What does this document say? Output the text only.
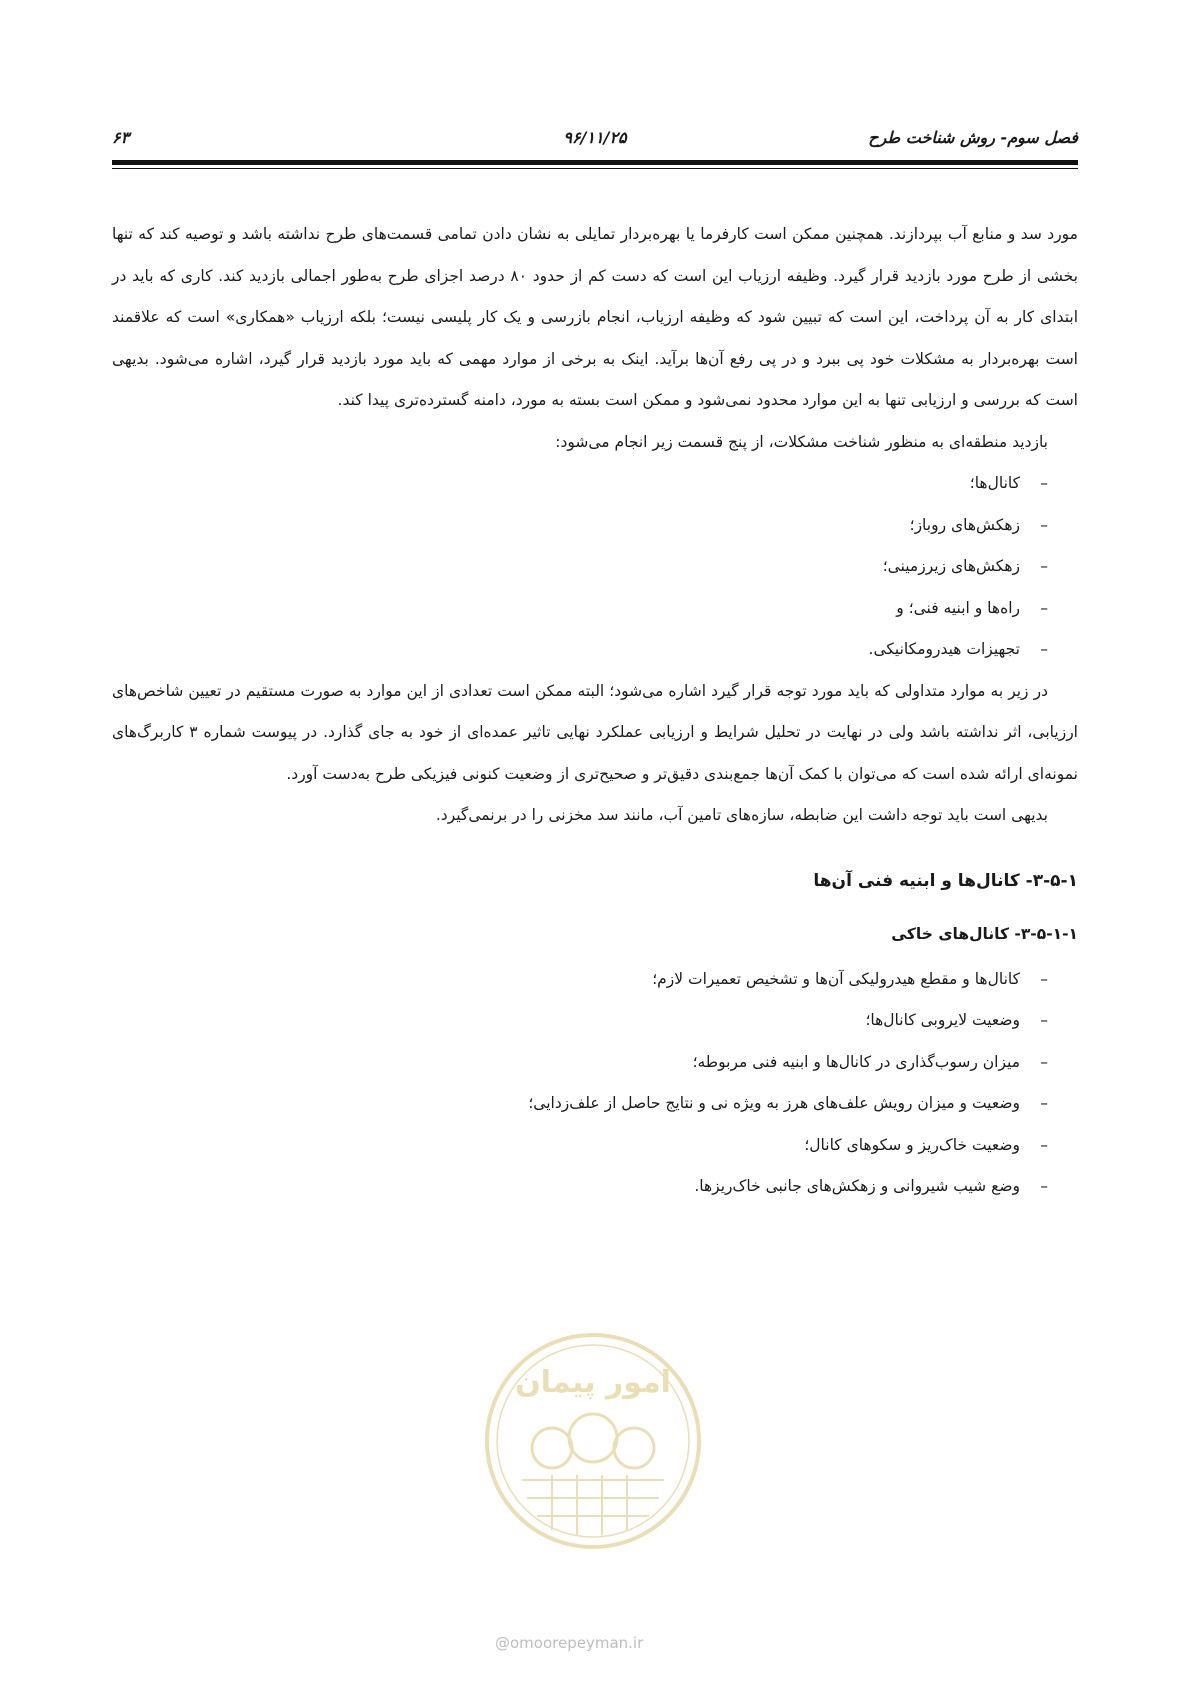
فصل سوم- روش شناخت طرح
۹۶/۱۱/۲۵
۶۳

مورد سد و منابع آب بپردازند. همچنین ممکن است کارفرما یا بهره‌بردار تمایلی به نشان دادن تمامی قسمت‌های طرح نداشته باشد و توصیه کند که تنها بخشی از طرح مورد بازدید قرار گیرد. وظیفه ارزیاب این است که دست کم از حدود ۸۰ درصد اجزای طرح به‌طور اجمالی بازدید کند. کاری که باید در ابتدای کار به آن پرداخت، این است که تبیین شود که وظیفه ارزیاب، انجام بازرسی و یک کار پلیسی نیست؛ بلکه ارزیاب «همکاری» است که علاقمند است بهره‌بردار به مشکلات خود پی ببرد و در پی رفع آن‌ها برآید. اینک به برخی از موارد مهمی که باید مورد بازدید قرار گیرد، اشاره می‌شود. بدیهی است که بررسی و ارزیابی تنها به این موارد محدود نمی‌شود و ممکن است بسته به مورد، دامنه گسترده‌تری پیدا کند.

بازدید منطقه‌ای به منظور شناخت مشکلات، از پنج قسمت زیر انجام می‌شود:

– کانال‌ها؛
– زهکش‌های روباز؛
– زهکش‌های زیرزمینی؛
– راه‌ها و ابنیه فنی؛ و
– تجهیزات هیدرومکانیکی.

در زیر به موارد متداولی که باید مورد توجه قرار گیرد اشاره می‌شود؛ البته ممکن است تعدادی از این موارد به صورت مستقیم در تعیین شاخص‌های ارزیابی، اثر نداشته باشد ولی در نهایت در تحلیل شرایط و ارزیابی عملکرد نهایی تاثیر عمده‌ای از خود به جای گذارد. در پیوست شماره ۳ کاربرگ‌های نمونه‌ای ارائه شده است که می‌توان با کمک آن‌ها جمع‌بندی دقیق‌تر و صحیح‌تری از وضعیت کنونی فیزیکی طرح به‌دست آورد.

بدیهی است باید توجه داشت این ضابطه، سازه‌های تامین آب، مانند سد مخزنی را در برنمی‌گیرد.

۳-۵-۱- کانال‌ها و ابنیه فنی آن‌ها
۳-۵-۱-۱- کانال‌های خاکی
– کانال‌ها و مقطع هیدرولیکی آن‌ها و تشخیص تعمیرات لازم؛
– وضعیت لایروبی کانال‌ها؛
– میزان رسوب‌گذاری در کانال‌ها و ابنیه فنی مربوطه؛
– وضعیت و میزان رویش علف‌های هرز به ویژه نی و نتایج حاصل از علف‌زدایی؛
– وضعیت خاک‌ریز و سکوهای کانال؛
– وضع شیب شیروانی و زهکش‌های جانبی خاک‌ریزها.
امور پیمان
@omoorepeyman.ir
